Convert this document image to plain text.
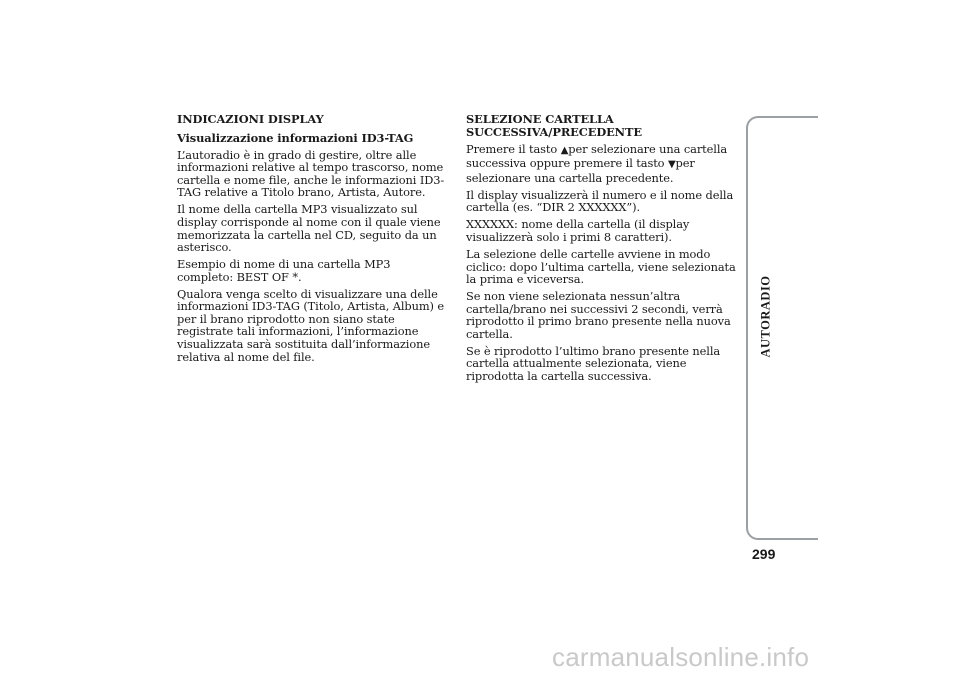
INDICAZIONI DISPLAY
Visualizzazione informazioni ID3-TAG

L’autoradio è in grado di gestire, oltre alle informazioni relative al tempo trascorso, nome cartella e nome file, anche le informazioni ID3-TAG relative a Titolo brano, Artista, Autore.

Il nome della cartella MP3 visualizzato sul display corrisponde al nome con il quale viene memorizzata la cartella nel CD, seguito da un asterisco.

Esempio di nome di una cartella MP3 completo: BEST OF *.

Qualora venga scelto di visualizzare una delle informazioni ID3-TAG (Titolo, Artista, Album) e per il brano riprodotto non siano state registrate tali informazioni, l’informazione visualizzata sarà sostituita dall’informazione relativa al nome del file.

SELEZIONE CARTELLA
SUCCESSIVA/PRECEDENTE

Premere il tasto ▲per selezionare una cartella successiva oppure premere il tasto ▼per selezionare una cartella precedente.

Il display visualizzerà il numero e il nome della cartella (es. “DIR 2 XXXXXX”).

XXXXXX: nome della cartella (il display visualizzerà solo i primi 8 caratteri).

La selezione delle cartelle avviene in modo ciclico: dopo l’ultima cartella, viene selezionata la prima e viceversa.

Se non viene selezionata nessun’altra cartella/brano nei successivi 2 secondi, verrà riprodotto il primo brano presente nella nuova cartella.

Se è riprodotto l’ultimo brano presente nella cartella attualmente selezionata, viene riprodotta la cartella successiva.

AUTORADIO
299
carmanualsonline.info
